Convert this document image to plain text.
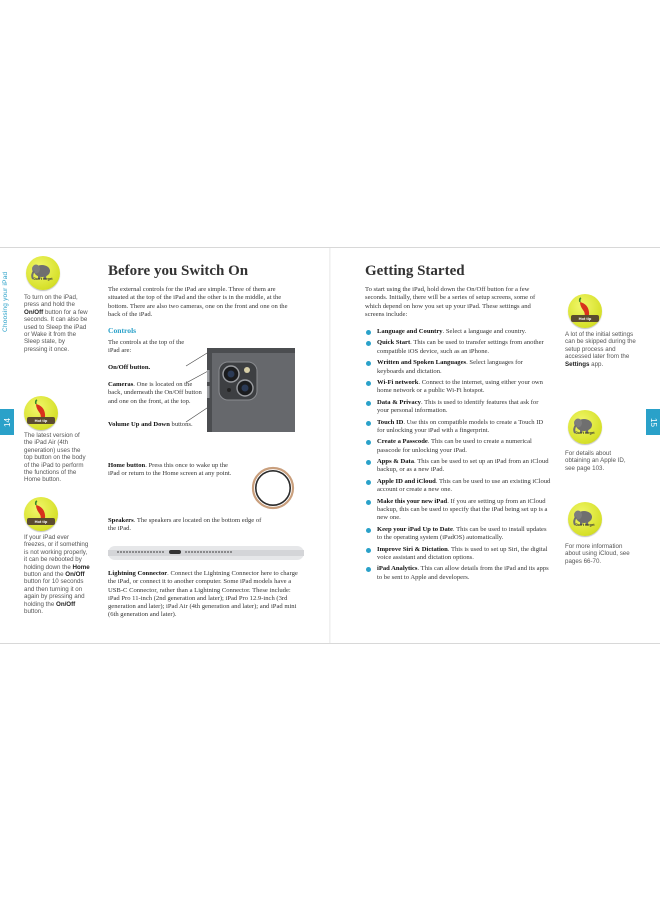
Choosing your iPad
14
Don't forget
To turn on the iPad, press and hold the On/Off button for a few seconds. It can also be used to Sleep the iPad or Wake it from the Sleep state, by pressing it once.
Hot tip
The latest version of the iPad Air (4th generation) uses the top button on the body of the iPad to perform the functions of the Home button.
Hot tip
If your iPad ever freezes, or if something is not working properly, it can be rebooted by holding down the Home button and the On/Off button for 10 seconds and then turning it on again by pressing and holding the On/Off button.
Before you Switch On
The external controls for the iPad are simple. Three of them are situated at the top of the iPad and the other is in the middle, at the bottom. There are also two cameras, one on the front and one on the back of the iPad.
Controls
The controls at the top of the iPad are:
On/Off button.
Cameras. One is located on the back, underneath the On/Off button and one on the front, at the top.
Volume Up and Down buttons.
Home button. Press this once to wake up the iPad or return to the Home screen at any point.
Speakers. The speakers are located on the bottom edge of the iPad.
Lightning Connector. Connect the Lightning Connector here to charge the iPad, or connect it to another computer. Some iPad models have a USB-C Connector, rather than a Lightning Connector. These include: iPad Pro 11-inch (2nd generation and later); iPad Pro 12.9-inch (3rd generation and later); iPad Air (4th generation and later); and iPad mini (6th generation and later).
15
Getting Started
To start using the iPad, hold down the On/Off button for a few seconds. Initially, there will be a series of setup screens, some of which depend on how you set up your iPad. These settings and screens include:
Language and Country. Select a language and country.
Quick Start. This can be used to transfer settings from another compatible iOS device, such as an iPhone.
Written and Spoken Languages. Select languages for keyboards and dictation.
Wi-Fi network. Connect to the internet, using either your own home network or a public Wi-Fi hotspot.
Data & Privacy. This is used to identify features that ask for your personal information.
Touch ID. Use this on compatible models to create a Touch ID for unlocking your iPad with a fingerprint.
Create a Passcode. This can be used to create a numerical passcode for unlocking your iPad.
Apps & Data. This can be used to set up an iPad from an iCloud backup, or as a new iPad.
Apple ID and iCloud. This can be used to use an existing iCloud account or create a new one.
Make this your new iPad. If you are setting up from an iCloud backup, this can be used to specify that the iPad being set up is a new one.
Keep your iPad Up to Date. This can be used to install updates to the operating system (iPadOS) automatically.
Improve Siri & Dictation. This is used to set up Siri, the digital voice assistant and dictation options.
iPad Analytics. This can allow details from the iPad and its apps to be sent to Apple and developers.
Hot tip
A lot of the initial settings can be skipped during the setup process and accessed later from the Settings app.
Don't forget
For details about obtaining an Apple ID, see page 103.
Don't forget
For more information about using iCloud, see pages 66-70.
